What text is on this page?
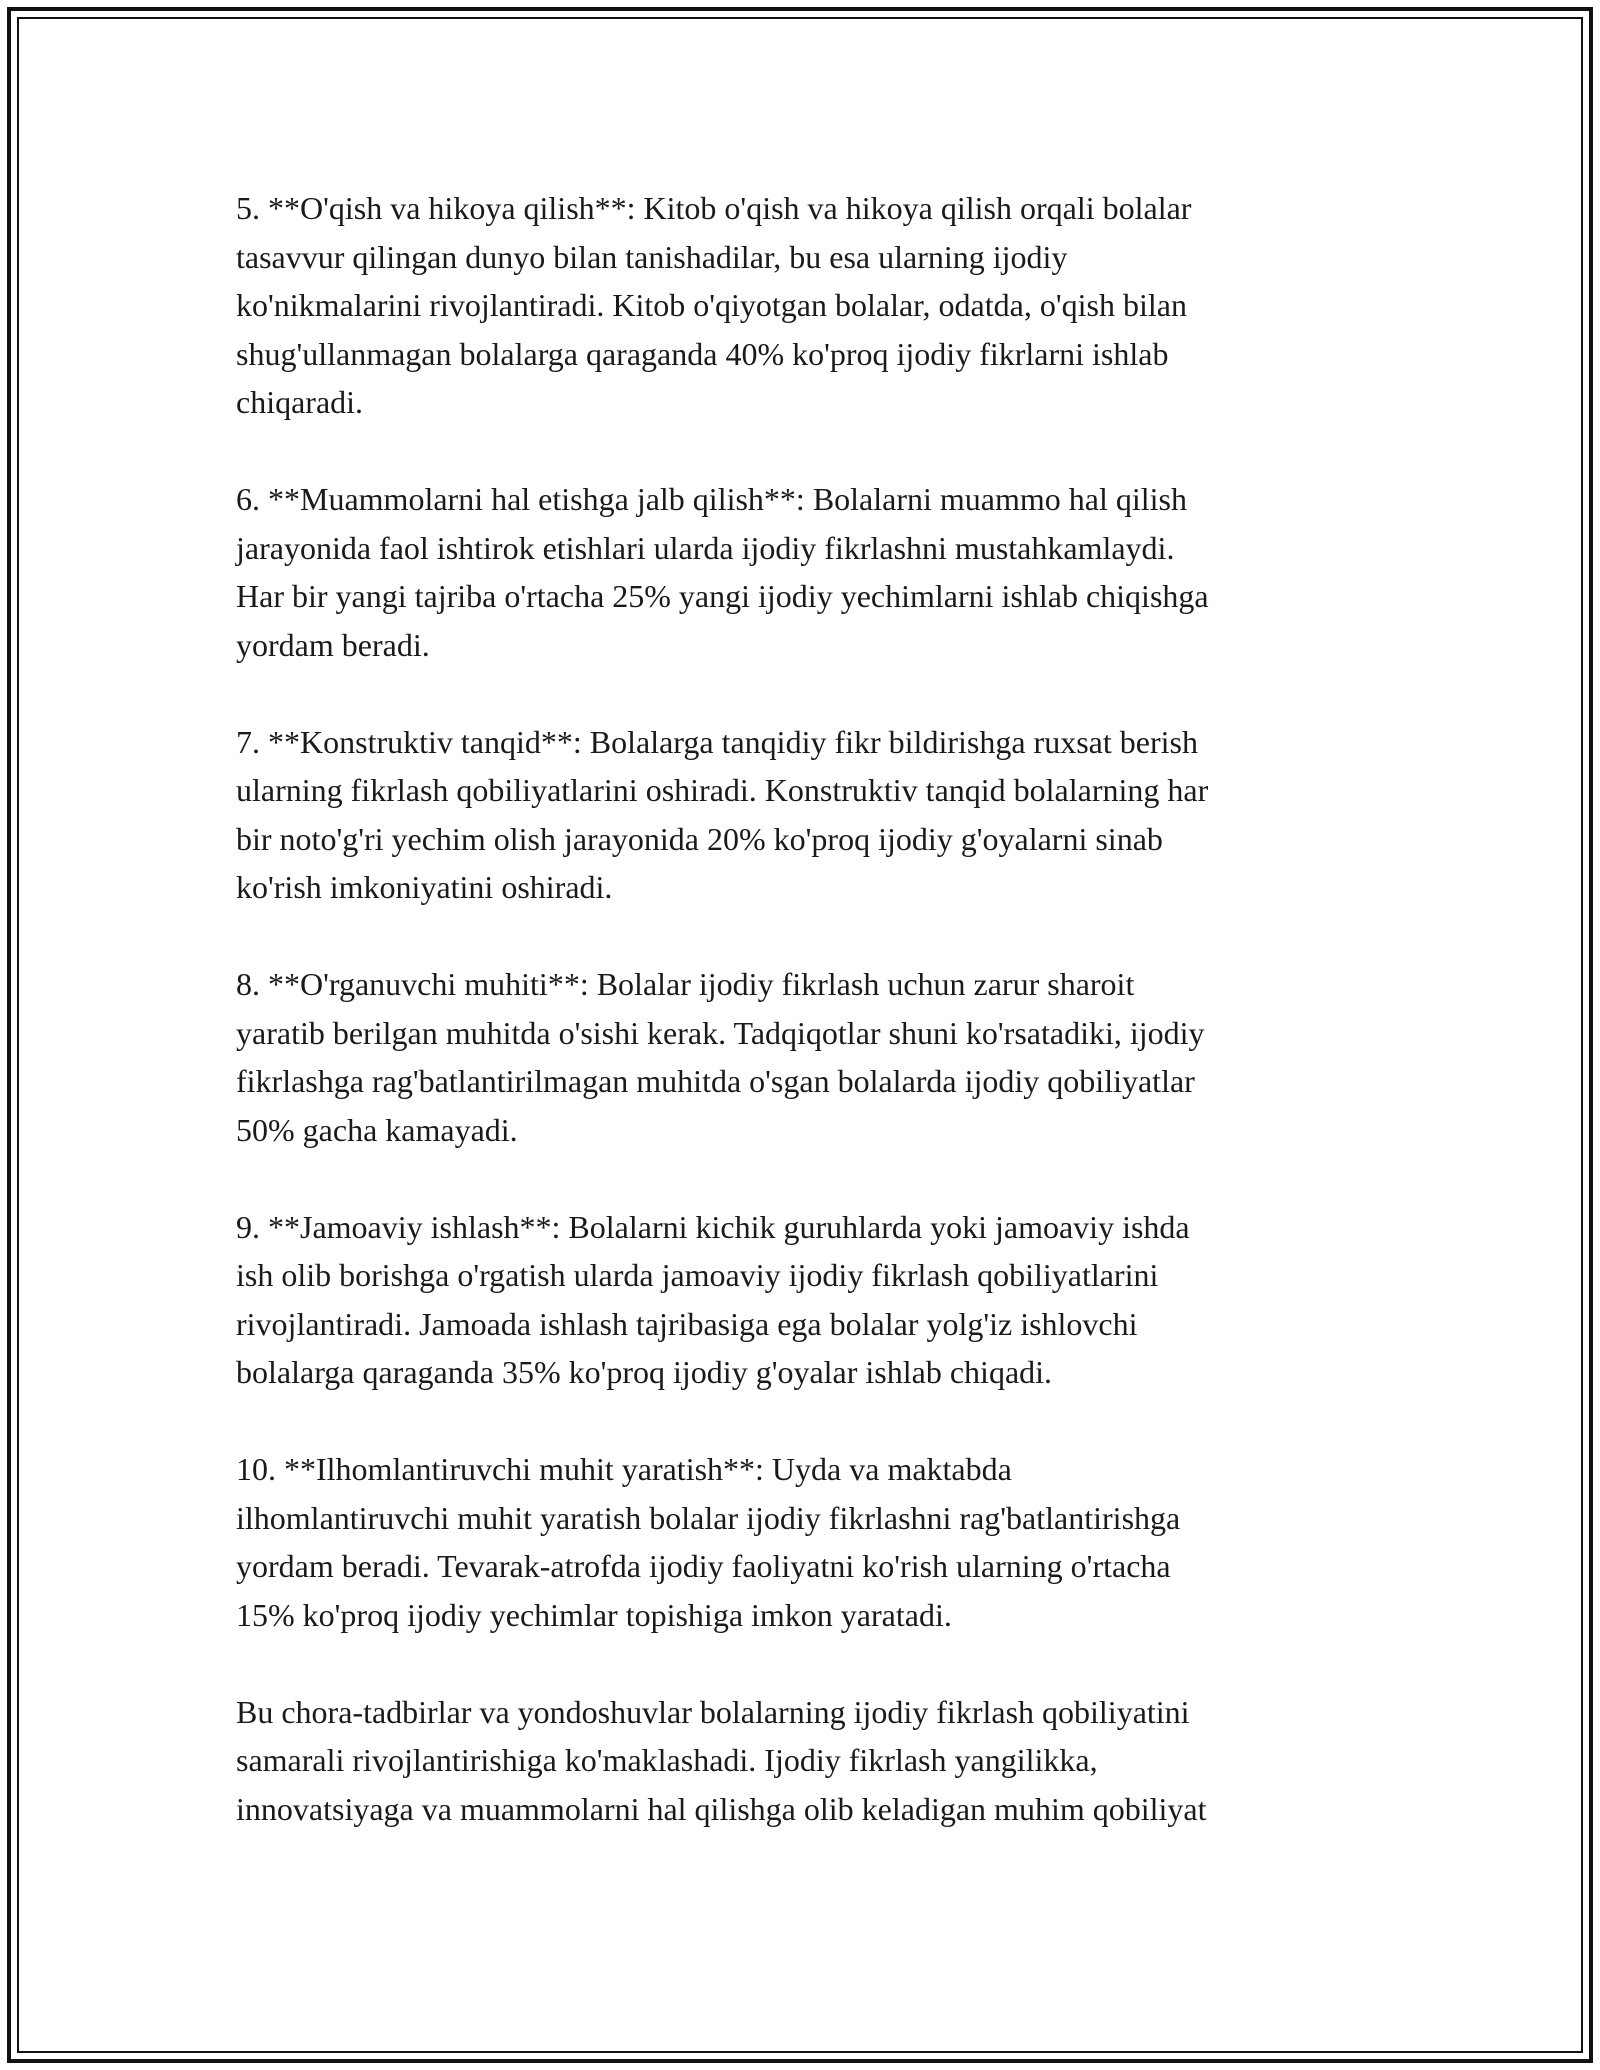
5. **O'qish va hikoya qilish**: Kitob o'qish va hikoya qilish orqali bolalar
tasavvur qilingan dunyo bilan tanishadilar, bu esa ularning ijodiy
ko'nikmalarini rivojlantiradi. Kitob o'qiyotgan bolalar, odatda, o'qish bilan
shug'ullanmagan bolalarga qaraganda 40% ko'proq ijodiy fikrlarni ishlab
chiqaradi.

6. **Muammolarni hal etishga jalb qilish**: Bolalarni muammo hal qilish
jarayonida faol ishtirok etishlari ularda ijodiy fikrlashni mustahkamlaydi.
Har bir yangi tajriba o'rtacha 25% yangi ijodiy yechimlarni ishlab chiqishga
yordam beradi.

7. **Konstruktiv tanqid**: Bolalarga tanqidiy fikr bildirishga ruxsat berish
ularning fikrlash qobiliyatlarini oshiradi. Konstruktiv tanqid bolalarning har
bir noto'g'ri yechim olish jarayonida 20% ko'proq ijodiy g'oyalarni sinab
ko'rish imkoniyatini oshiradi.

8. **O'rganuvchi muhiti**: Bolalar ijodiy fikrlash uchun zarur sharoit
yaratib berilgan muhitda o'sishi kerak. Tadqiqotlar shuni ko'rsatadiki, ijodiy
fikrlashga rag'batlantirilmagan muhitda o'sgan bolalarda ijodiy qobiliyatlar
50% gacha kamayadi.

9. **Jamoaviy ishlash**: Bolalarni kichik guruhlarda yoki jamoaviy ishda
ish olib borishga o'rgatish ularda jamoaviy ijodiy fikrlash qobiliyatlarini
rivojlantiradi. Jamoada ishlash tajribasiga ega bolalar yolg'iz ishlovchi
bolalarga qaraganda 35% ko'proq ijodiy g'oyalar ishlab chiqadi.

10. **Ilhomlantiruvchi muhit yaratish**: Uyda va maktabda
ilhomlantiruvchi muhit yaratish bolalar ijodiy fikrlashni rag'batlantirishga
yordam beradi. Tevarak-atrofda ijodiy faoliyatni ko'rish ularning o'rtacha
15% ko'proq ijodiy yechimlar topishiga imkon yaratadi.

Bu chora-tadbirlar va yondoshuvlar bolalarning ijodiy fikrlash qobiliyatini
samarali rivojlantirishiga ko'maklashadi. Ijodiy fikrlash yangilikka,
innovatsiyaga va muammolarni hal qilishga olib keladigan muhim qobiliyat
